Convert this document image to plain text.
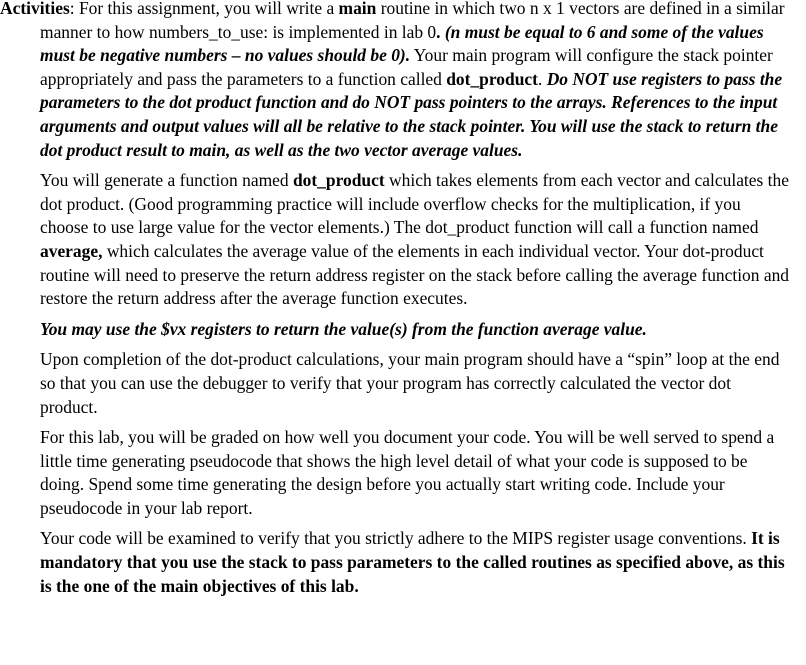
Activities: For this assignment, you will write a main routine in which two n x 1 vectors are defined in a similar manner to how numbers_to_use: is implemented in lab 0. (n must be equal to 6 and some of the values must be negative numbers – no values should be 0). Your main program will configure the stack pointer appropriately and pass the parameters to a function called dot_product. Do NOT use registers to pass the parameters to the dot product function and do NOT pass pointers to the arrays. References to the input arguments and output values will all be relative to the stack pointer. You will use the stack to return the dot product result to main, as well as the two vector average values.

You will generate a function named dot_product which takes elements from each vector and calculates the dot product. (Good programming practice will include overflow checks for the multiplication, if you choose to use large value for the vector elements.) The dot_product function will call a function named average, which calculates the average value of the elements in each individual vector. Your dot-product routine will need to preserve the return address register on the stack before calling the average function and restore the return address after the average function executes.

You may use the $vx registers to return the value(s) from the function average value.

Upon completion of the dot-product calculations, your main program should have a “spin” loop at the end so that you can use the debugger to verify that your program has correctly calculated the vector dot product.

For this lab, you will be graded on how well you document your code. You will be well served to spend a little time generating pseudocode that shows the high level detail of what your code is supposed to be doing. Spend some time generating the design before you actually start writing code. Include your pseudocode in your lab report.

Your code will be examined to verify that you strictly adhere to the MIPS register usage conventions. It is mandatory that you use the stack to pass parameters to the called routines as specified above, as this is the one of the main objectives of this lab.
